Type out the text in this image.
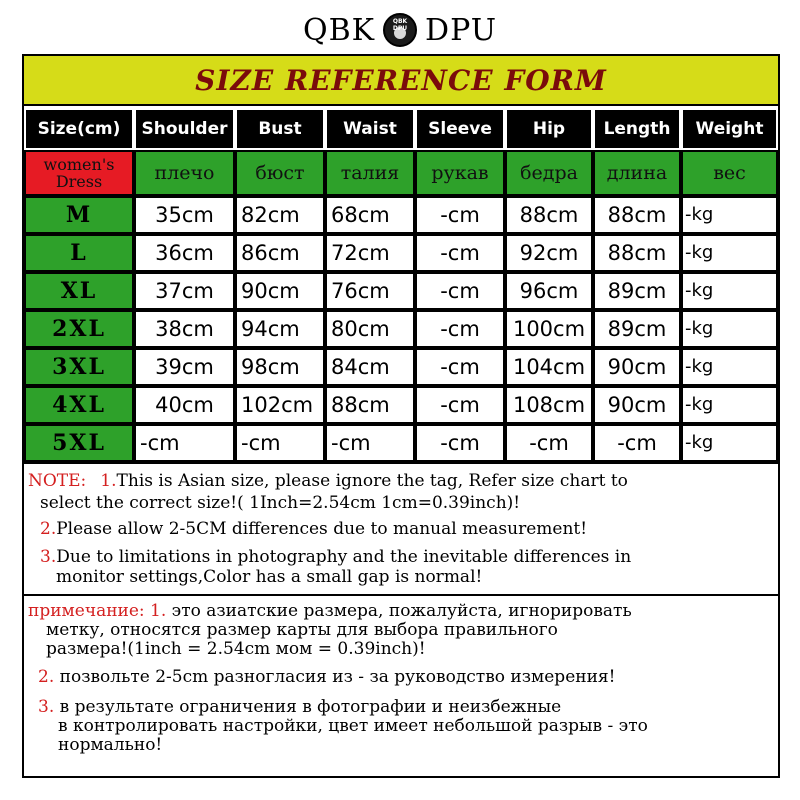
QBK	QBK DPU DPU
SIZE REFERENCE FORM
Size(cm)	Shoulder	Bust	Waist	Sleeve	Hip	Length	Weight
women's
Dress	плечо	бюст	талия	рукав	бедра	длина	вес
M	35cm	82cm	68cm	-cm	88cm	88cm	-kg
L	36cm	86cm	72cm	-cm	92cm	88cm	-kg
XL	37cm	90cm	76cm	-cm	96cm	89cm	-kg
2XL	38cm	94cm	80cm	-cm	100cm	89cm	-kg
3XL	39cm	98cm	84cm	-cm	104cm	90cm	-kg
4XL	40cm	102cm 88cm	-cm	108cm	90cm	-kg
5XL	-cm	-cm	-cm	-cm	-cm	-cm	-kg

NOTE: 1.This is Asian size, please ignore the tag, Refer size chart to

select the correct size!( 1Inch=2.54cm 1cm=0.39inch)!

2.Please allow 2-5CM differences due to manual measurement!

3.Due to limitations in photography and the inevitable differences in

monitor settings,Color has a small gap is normal!

примечание: 1. это азиатские размера, пожалуйста, игнорировать

метку, относятся размер карты для выбора правильного

размера!(1inch = 2.54cm мом = 0.39inch)!

2. позвольте 2-5cm разногласия из - за руководство измерения!

3. в результате ограничения в фотографии и неизбежные

в контролировать настройки, цвет имеет небольшой разрыв - это

нормально!
